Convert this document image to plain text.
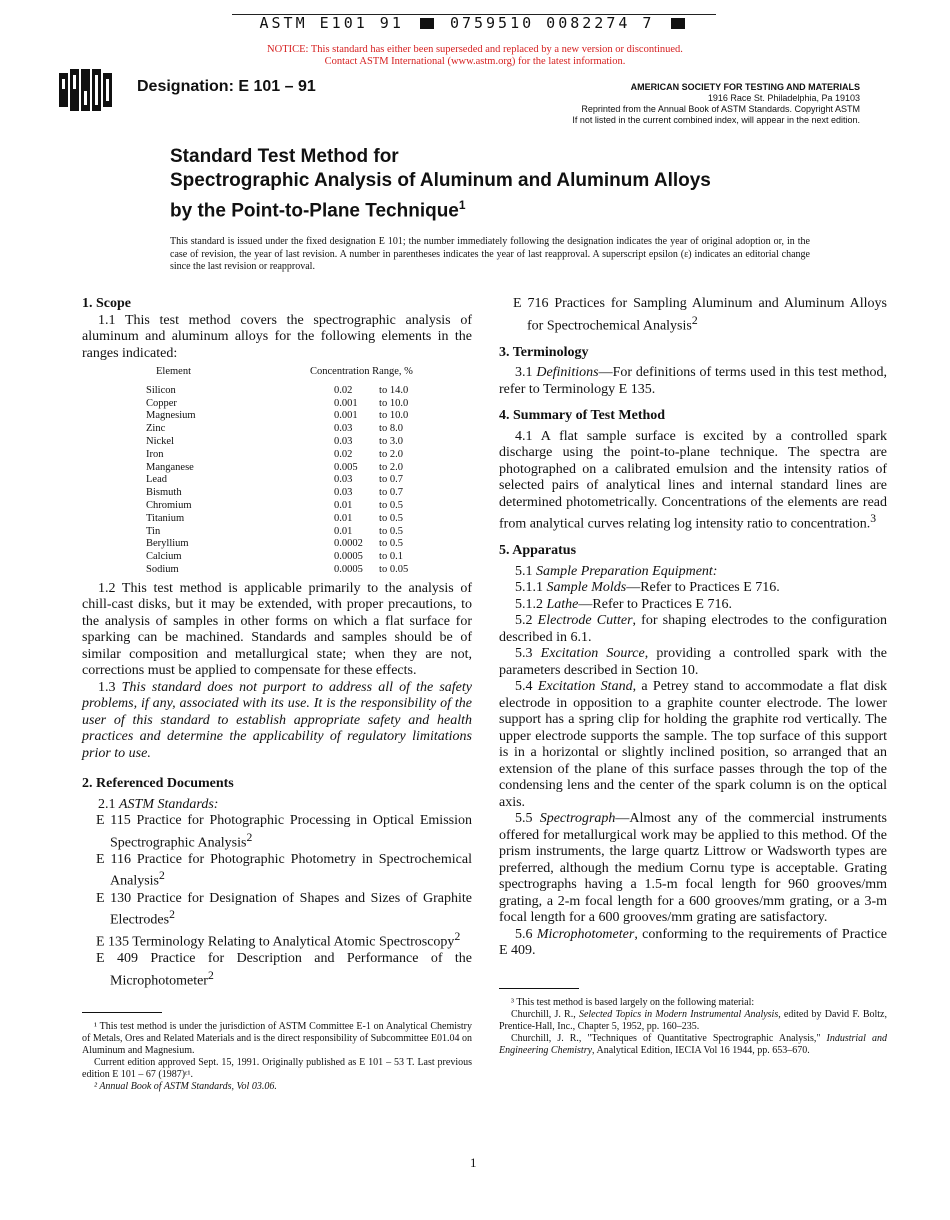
ASTM E101 91	0759510 0082274 7
NOTICE: This standard has either been superseded and replaced by a new version or discontinued.
Contact ASTM International (www.astm.org) for the latest information.
Designation: E 101 – 91	AMERICAN SOCIETY FOR TESTING AND MATERIALS
1916 Race St. Philadelphia, Pa 19103
Reprinted from the Annual Book of ASTM Standards. Copyright ASTM
If not listed in the current combined index, will appear in the next edition.
Standard Test Method for
Spectrographic Analysis of Aluminum and Aluminum Alloys
by the Point-to-Plane Technique$^1$
This standard is issued under the fixed designation E 101; the number immediately following the designation indicates the year of original adoption or, in the case of revision, the year of last revision. A number in parentheses indicates the year of last reapproval. A superscript epsilon (ε) indicates an editorial change since the last revision or reapproval.
1. Scope

1.1 This test method covers the spectrographic analysis of aluminum and aluminum alloys for the following elements in the ranges indicated:

Element	Concentration Range, %	
Silicon	0.02	to 14.0
Copper	0.001	to 10.0
Magnesium	0.001	to 10.0
Zinc	0.03	to 8.0
Nickel	0.03	to 3.0
Iron	0.02	to 2.0
Manganese	0.005	to 2.0
Lead	0.03	to 0.7
Bismuth	0.03	to 0.7
Chromium	0.01	to 0.5
Titanium	0.01	to 0.5
Tin	0.01	to 0.5
Beryllium	0.0002	to 0.5
Calcium	0.0005	to 0.1
Sodium	0.0005	to 0.05

1.2 This test method is applicable primarily to the analysis of chill-cast disks, but it may be extended, with proper precautions, to the analysis of samples in other forms on which a flat surface for sparking can be machined. Standards and samples should be of similar composition and metallurgical state; when they are not, corrections must be applied to compensate for these effects.

1.3 This standard does not purport to address all of the safety problems, if any, associated with its use. It is the responsibility of the user of this standard to establish appropriate safety and health practices and determine the applicability of regulatory limitations prior to use.

2. Referenced Documents

2.1 ASTM Standards:

E 115 Practice for Photographic Processing in Optical Emission Spectrographic Analysis$^2$

E 116 Practice for Photographic Photometry in Spectrochemical Analysis$^2$

E 130 Practice for Designation of Shapes and Sizes of Graphite Electrodes$^2$

E 135 Terminology Relating to Analytical Atomic Spectroscopy$^2$

E 409 Practice for Description and Performance of the Microphotometer$^2$

¹ This test method is under the jurisdiction of ASTM Committee E-1 on Analytical Chemistry of Metals, Ores and Related Materials and is the direct responsibility of Subcommittee E01.04 on Aluminum and Magnesium.

Current edition approved Sept. 15, 1991. Originally published as E 101 – 53 T. Last previous edition E 101 – 67 (1987)ᵋ¹.

² Annual Book of ASTM Standards, Vol 03.06.

E 716 Practices for Sampling Aluminum and Aluminum Alloys for Spectrochemical Analysis$^2$

3. Terminology

3.1 Definitions—For definitions of terms used in this test method, refer to Terminology E 135.

4. Summary of Test Method

4.1 A flat sample surface is excited by a controlled spark discharge using the point-to-plane technique. The spectra are photographed on a calibrated emulsion and the intensity ratios of selected pairs of analytical lines and internal standard lines are determined photometrically. Concentrations of the elements are read from analytical curves relating log intensity ratio to concentration.$^3$

5. Apparatus

5.1 Sample Preparation Equipment:

5.1.1 Sample Molds—Refer to Practices E 716.

5.1.2 Lathe—Refer to Practices E 716.

5.2 Electrode Cutter, for shaping electrodes to the configuration described in 6.1.

5.3 Excitation Source, providing a controlled spark with the parameters described in Section 10.

5.4 Excitation Stand, a Petrey stand to accommodate a flat disk electrode in opposition to a graphite counter electrode. The lower support has a spring clip for holding the graphite rod vertically. The upper electrode supports the sample. The top surface of this support is in a horizontal or slightly inclined position, so arranged that an extension of the plane of this surface passes through the top of the condensing lens and the center of the spark column is on the optical axis.

5.5 Spectrograph—Almost any of the commercial instruments offered for metallurgical work may be applied to this method. Of the prism instruments, the large quartz Littrow or Wadsworth types are preferred, although the medium Cornu type is acceptable. Grating spectrographs having a 1.5-m focal length for 960 grooves/mm grating, a 2-m focal length for a 600 grooves/mm grating, or a 3-m focal length for a 600 grooves/mm grating are satisfactory.

5.6 Microphotometer, conforming to the requirements of Practice E 409.

³ This test method is based largely on the following material:

Churchill, J. R., Selected Topics in Modern Instrumental Analysis, edited by David F. Boltz, Prentice-Hall, Inc., Chapter 5, 1952, pp. 160–235.

Churchill, J. R., "Techniques of Quantitative Spectrographic Analysis," Industrial and Engineering Chemistry, Analytical Edition, IECIA Vol 16 1944, pp. 653–670.

1
